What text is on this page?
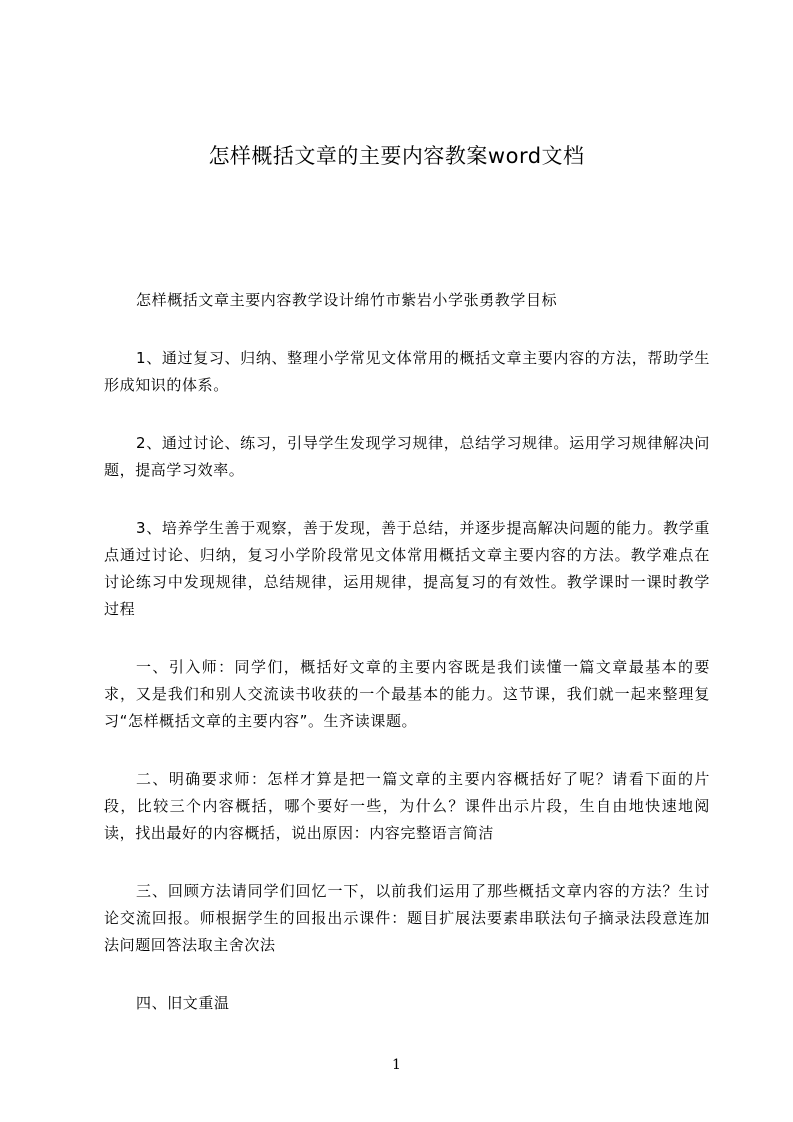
怎样概括文章的主要内容教案word文档

怎样概括文章主要内容教学设计绵竹市紫岩小学张勇教学目标

1、通过复习、归纳、整理小学常见文体常用的概括文章主要内容的方法，帮助学生形成知识的体系。

2、通过讨论、练习，引导学生发现学习规律，总结学习规律。运用学习规律解决问题，提高学习效率。

3、培养学生善于观察，善于发现，善于总结，并逐步提高解决问题的能力。教学重点通过讨论、归纳，复习小学阶段常见文体常用概括文章主要内容的方法。教学难点在讨论练习中发现规律，总结规律，运用规律，提高复习的有效性。教学课时一课时教学过程

一、引入师：同学们，概括好文章的主要内容既是我们读懂一篇文章最基本的要求，又是我们和别人交流读书收获的一个最基本的能力。这节课，我们就一起来整理复习“怎样概括文章的主要内容”。生齐读课题。

二、明确要求师：怎样才算是把一篇文章的主要内容概括好了呢？请看下面的片段，比较三个内容概括，哪个要好一些，为什么？课件出示片段，生自由地快速地阅读，找出最好的内容概括，说出原因：内容完整语言简洁

三、回顾方法请同学们回忆一下，以前我们运用了那些概括文章内容的方法？生讨论交流回报。师根据学生的回报出示课件：题目扩展法要素串联法句子摘录法段意连加法问题回答法取主舍次法

四、旧文重温

1
